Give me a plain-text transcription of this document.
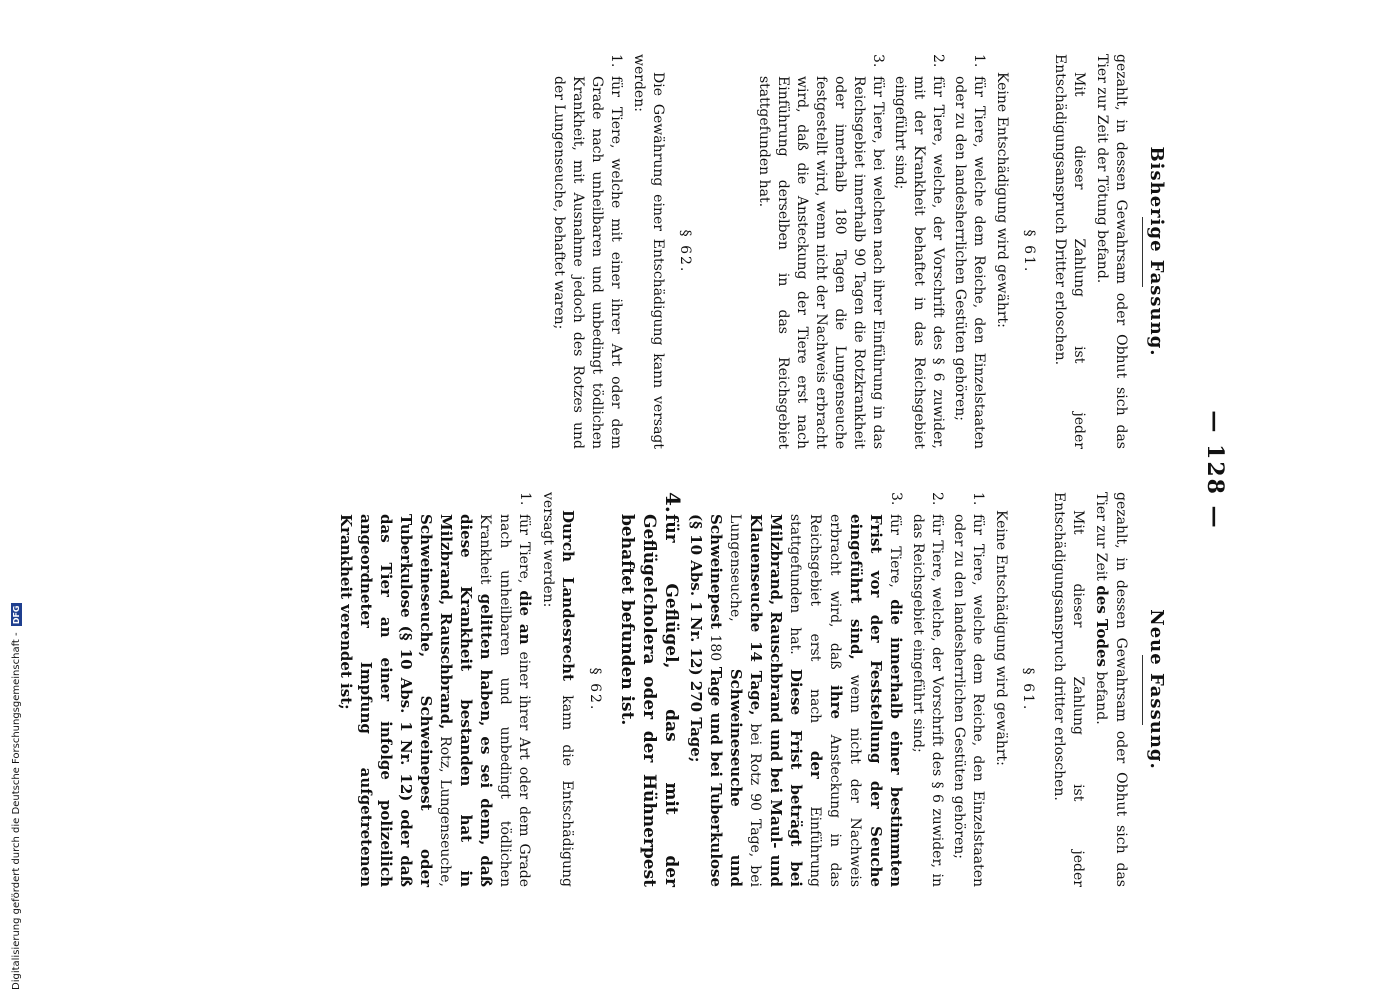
Digitalisierung gefördert durch die Deutsche Forschungsgemeinschaft - DFG
— 128 —
Bisherige Fassung.

gezahlt, in dessen Gewahrsam oder Obhut sich das Tier zur Zeit der Tötung befand.

Mit dieser Zahlung ist jeder Entschädigungsanspruch Dritter erloschen.

§ 61.

Keine Entschädigung wird gewährt:

1.
für Tiere, welche dem Reiche, den Einzelstaaten oder zu den landesherrlichen Gestüten gehören;
2.
für Tiere, welche, der Vorschrift des § 6 zuwider, mit der Krankheit behaftet in das Reichsgebiet eingeführt sind;
3.
für Tiere, bei welchen nach ihrer Einführung in das Reichsgebiet innerhalb 90 Tagen die Rotzkrankheit oder innerhalb 180 Tagen die Lungenseuche festgestellt wird, wenn nicht der Nachweis erbracht wird, daß die Ansteckung der Tiere erst nach Einführung derselben in das Reichsgebiet stattgefunden hat.
§ 62.

Die Gewährung einer Entschädigung kann versagt werden:

1.
für Tiere, welche mit einer ihrer Art oder dem Grade nach unheilbaren und unbedingt tödlichen Krankheit, mit Ausnahme jedoch des Rotzes und der Lungenseuche, behaftet waren;
Neue Fassung.

gezahlt, in dessen Gewahrsam oder Obhut sich das Tier zur Zeit des Todes befand.

Mit dieser Zahlung ist jeder Entschädigungsanspruch dritter erloschen.

§ 61.

Keine Entschädigung wird gewährt:

1.
für Tiere, welche dem Reiche, den Einzelstaaten oder zu den landesherrlichen Gestüten gehören;
2.
für Tiere, welche, der Vorschrift des § 6 zuwider, in das Reichsgebiet eingeführt sind;
3.
für Tiere, die innerhalb einer bestimmten Frist vor der Feststellung der Seuche eingeführt sind, wenn nicht der Nachweis erbracht wird, daß ihre Ansteckung in das Reichsgebiet erst nach der Einführung stattgefunden hat. Diese Frist beträgt bei Milzbrand, Rauschbrand und bei Maul- und Klauenseuche 14 Tage, bei Rotz 90 Tage, bei Lungenseuche, Schweineseuche und Schweinepest 180 Tage und bei Tuberkulose (§ 10 Abs. 1 Nr. 12) 270 Tage;
4.
für Geflügel, das mit der Geflügelcholera oder der Hühnerpest behaftet befunden ist.
§ 62.

Durch Landesrecht kann die Entschädigung versagt werden:

1.
für Tiere, die an einer ihrer Art oder dem Grade nach unheilbaren und unbedingt tödlichen Krankheit gelitten haben, es sei denn, daß diese Krankheit bestanden hat in Milzbrand, Rauschbrand, Rotz, Lungenseuche, Schweineseuche, Schweinepest oder Tuberkulose (§ 10 Abs. 1 Nr. 12) oder daß das Tier an einer infolge polizeilich angeordneter Impfung aufgetretenen Krankheit verendet ist;
